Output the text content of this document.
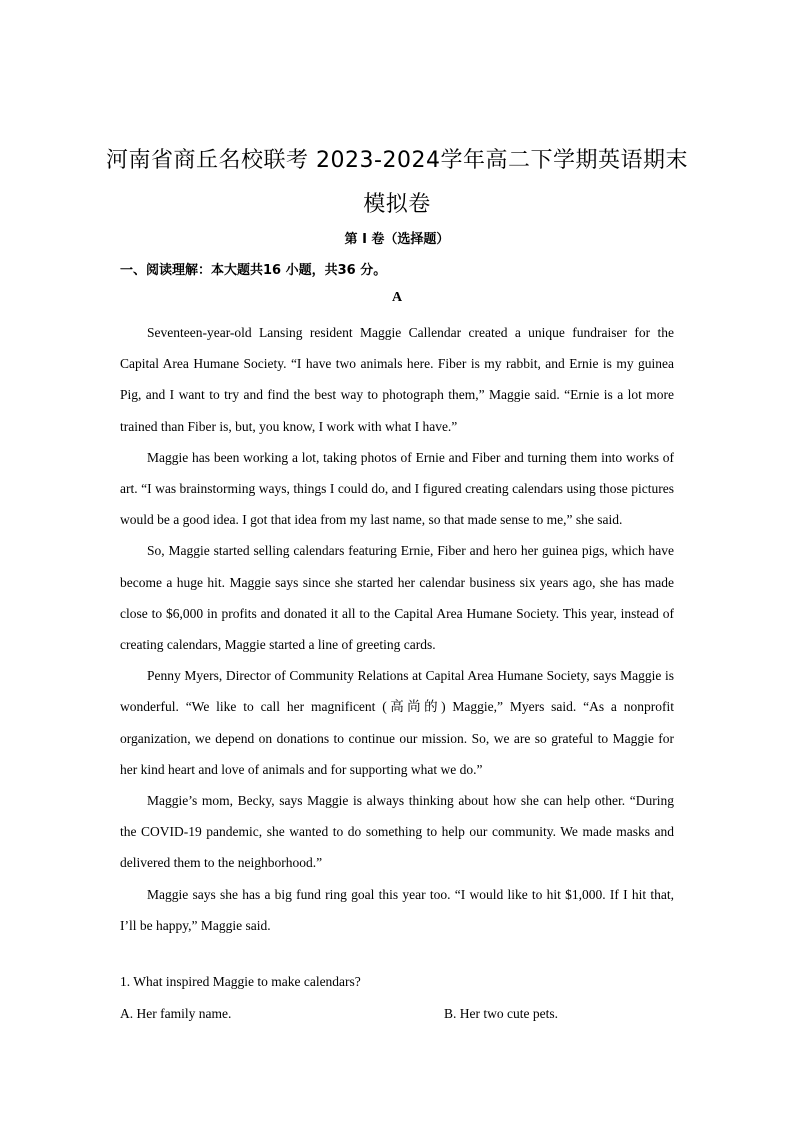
河南省商丘名校联考 2023-2024学年高二下学期英语期末
模拟卷
第 I 卷（选择题）
一、阅读理解：本大题共16 小题，共36 分。
A

Seventeen-year-old Lansing resident Maggie Callendar created a unique fundraiser for the Capital Area Humane Society. “I have two animals here. Fiber is my rabbit, and Ernie is my guinea Pig, and I want to try and find the best way to photograph them,” Maggie said. “Ernie is a lot more trained than Fiber is, but, you know, I work with what I have.”

Maggie has been working a lot, taking photos of Ernie and Fiber and turning them into works of art. “I was brainstorming ways, things I could do, and I figured creating calendars using those pictures would be a good idea. I got that idea from my last name, so that made sense to me,” she said.

So, Maggie started selling calendars featuring Ernie, Fiber and hero her guinea pigs, which have become a huge hit. Maggie says since she started her calendar business six years ago, she has made close to $6,000 in profits and donated it all to the Capital Area Humane Society. This year, instead of creating calendars, Maggie started a line of greeting cards.

Penny Myers, Director of Community Relations at Capital Area Humane Society, says Maggie is wonderful. “We like to call her magnificent (高尚的) Maggie,” Myers said. “As a nonprofit organization, we depend on donations to continue our mission. So, we are so grateful to Maggie for her kind heart and love of animals and for supporting what we do.”

Maggie’s mom, Becky, says Maggie is always thinking about how she can help other. “During the COVID-19 pandemic, she wanted to do something to help our community. We made masks and delivered them to the neighborhood.”

Maggie says she has a big fund ring goal this year too. “I would like to hit $1,000. If I hit that, I’ll be happy,” Maggie said.

1. What inspired Maggie to make calendars?
A. Her family name.	B. Her two cute pets.
